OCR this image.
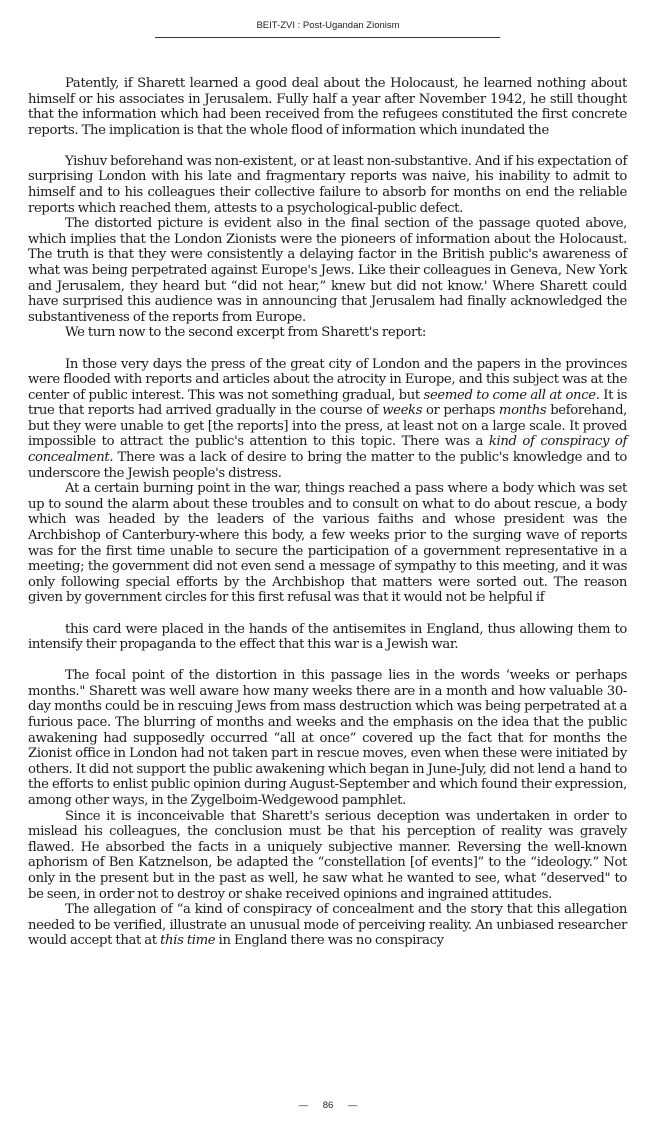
BEIT-ZVI : Post-Ugandan Zionism

Patently, if Sharett learned a good deal about the Holocaust, he learned nothing about himself or his associates in Jerusalem. Fully half a year after November 1942, he still thought that the information which had been received from the refugees constituted the first concrete reports. The implication is that the whole flood of information which inundated the

Yishuv beforehand was non-existent, or at least non-substantive. And if his expectation of surprising London with his late and fragmentary reports was naive, his inability to admit to himself and to his colleagues their collective failure to absorb for months on end the reliable reports which reached them, attests to a psychological-public defect.

The distorted picture is evident also in the final section of the passage quoted above, which implies that the London Zionists were the pioneers of information about the Holocaust. The truth is that they were consistently a delaying factor in the British public's awareness of what was being perpetrated against Europe's Jews. Like their colleagues in Geneva, New York and Jerusalem, they heard but “did not hear,” knew but did not know.' Where Sharett could have surprised this audience was in announcing that Jerusalem had finally acknowledged the substantiveness of the reports from Europe.

We turn now to the second excerpt from Sharett's report:

In those very days the press of the great city of London and the papers in the provinces were flooded with reports and articles about the atrocity in Europe, and this subject was at the center of public interest. This was not something gradual, but seemed to come all at once. It is true that reports had arrived gradually in the course of weeks or perhaps months beforehand, but they were unable to get [the reports] into the press, at least not on a large scale. It proved impossible to attract the public's attention to this topic. There was a kind of conspiracy of concealment. There was a lack of desire to bring the matter to the public's knowledge and to underscore the Jewish people's distress.

At a certain burning point in the war, things reached a pass where a body which was set up to sound the alarm about these troubles and to consult on what to do about rescue, a body which was headed by the leaders of the various faiths and whose president was the Archbishop of Canterbury-where this body, a few weeks prior to the surging wave of reports was for the first time unable to secure the participation of a government representative in a meeting; the government did not even send a message of sympathy to this meeting, and it was only following special efforts by the Archbishop that matters were sorted out. The reason given by government circles for this first refusal was that it would not be helpful if

this card were placed in the hands of the antisemites in England, thus allowing them to intensify their propaganda to the effect that this war is a Jewish war.

The focal point of the distortion in this passage lies in the words ‘weeks or perhaps months." Sharett was well aware how many weeks there are in a month and how valuable 30-day months could be in rescuing Jews from mass destruction which was being perpetrated at a furious pace. The blurring of months and weeks and the emphasis on the idea that the public awakening had supposedly occurred “all at once” covered up the fact that for months the Zionist office in London had not taken part in rescue moves, even when these were initiated by others. It did not support the public awakening which began in June-July, did not lend a hand to the efforts to enlist public opinion during August-September and which found their expression, among other ways, in the Zygelboim-Wedgewood pamphlet.

Since it is inconceivable that Sharett's serious deception was undertaken in order to mislead his colleagues, the conclusion must be that his perception of reality was gravely flawed. He absorbed the facts in a uniquely subjective manner. Reversing the well-known aphorism of Ben Katznelson, be adapted the “constellation [of events]” to the “ideology.” Not only in the present but in the past as well, he saw what he wanted to see, what “deserved" to be seen, in order not to destroy or shake received opinions and ingrained attitudes.

The allegation of “a kind of conspiracy of concealment and the story that this allegation needed to be verified, illustrate an unusual mode of perceiving reality. An unbiased researcher would accept that at this time in England there was no conspiracy

— 86 —
